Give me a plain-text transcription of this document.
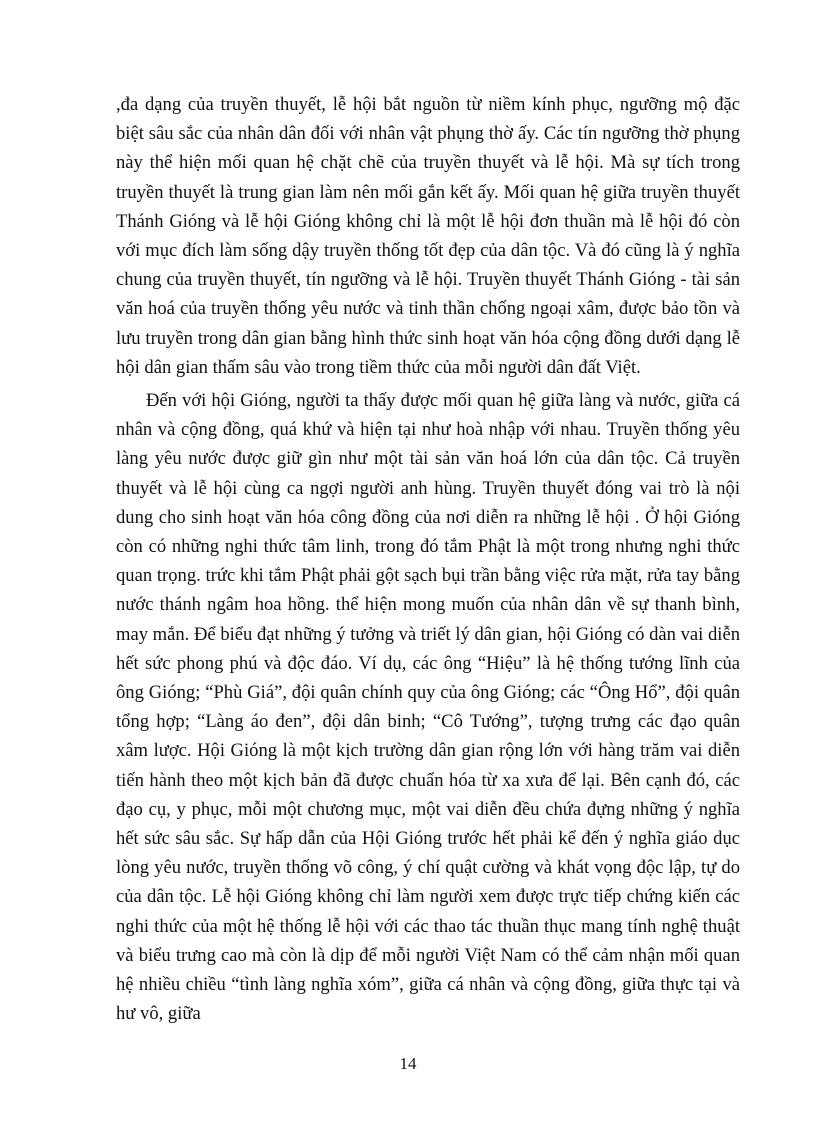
,đa dạng của truyền thuyết, lễ hội bắt nguồn từ niềm kính phục, ngưỡng mộ đặc biệt sâu sắc của nhân dân đối với nhân vật phụng thờ ấy. Các tín ngưỡng thờ phụng này thể hiện mối quan hệ chặt chẽ của truyền thuyết và lễ hội. Mà sự tích trong truyền thuyết là trung gian làm nên mối gắn kết ấy. Mối quan hệ giữa truyền thuyết Thánh Gióng và lễ hội Gióng không chỉ là một lễ hội đơn thuần mà lễ hội đó còn với mục đích làm sống dậy truyền thống tốt đẹp của dân tộc. Và đó cũng là ý nghĩa chung của truyền thuyết, tín ngưỡng và lễ hội. Truyền thuyết Thánh Gióng - tài sản văn hoá của truyền thống yêu nước và tinh thần chống ngoại xâm, được bảo tồn và lưu truyền trong dân gian bằng hình thức sinh hoạt văn hóa cộng đồng dưới dạng lễ hội dân gian thấm sâu vào trong tiềm thức của mỗi người dân đất Việt.

Đến với hội Gióng, người ta thấy được mối quan hệ giữa làng và nước, giữa cá nhân và cộng đồng, quá khứ và hiện tại như hoà nhập với nhau. Truyền thống yêu làng yêu nước được giữ gìn như một tài sản văn hoá lớn của dân tộc. Cả truyền thuyết và lễ hội cùng ca ngợi người anh hùng. Truyền thuyết đóng vai trò là nội dung cho sinh hoạt văn hóa công đồng của nơi diễn ra những lễ hội . Ở hội Gióng còn có những nghi thức tâm linh, trong đó tắm Phật là một trong nhưng nghi thức quan trọng. trức khi tắm Phật phải gột sạch bụi trần bằng việc rửa mặt, rửa tay bằng nước thánh ngâm hoa hồng. thể hiện mong muốn của nhân dân về sự thanh bình, may mắn. Để biểu đạt những ý tưởng và triết lý dân gian, hội Gióng có dàn vai diễn hết sức phong phú và độc đáo. Ví dụ, các ông “Hiệu” là hệ thống tướng lĩnh của ông Gióng; “Phù Giá”, đội quân chính quy của ông Gióng; các “Ông Hổ”, đội quân tổng hợp; “Làng áo đen”, đội dân binh; “Cô Tướng”, tượng trưng các đạo quân xâm lược. Hội Gióng là một kịch trường dân gian rộng lớn với hàng trăm vai diễn tiến hành theo một kịch bản đã được chuẩn hóa từ xa xưa để lại. Bên cạnh đó, các đạo cụ, y phục, mỗi một chương mục, một vai diễn đều chứa đựng những ý nghĩa hết sức sâu sắc. Sự hấp dẫn của Hội Gióng trước hết phải kể đến ý nghĩa giáo dục lòng yêu nước, truyền thống võ công, ý chí quật cường và khát vọng độc lập, tự do của dân tộc. Lễ hội Gióng không chỉ làm người xem được trực tiếp chứng kiến các nghi thức của một hệ thống lễ hội với các thao tác thuần thục mang tính nghệ thuật và biểu trưng cao mà còn là dịp để mỗi người Việt Nam có thể cảm nhận mối quan hệ nhiều chiều “tình làng nghĩa xóm”, giữa cá nhân và cộng đồng, giữa thực tại và hư vô, giữa

14
